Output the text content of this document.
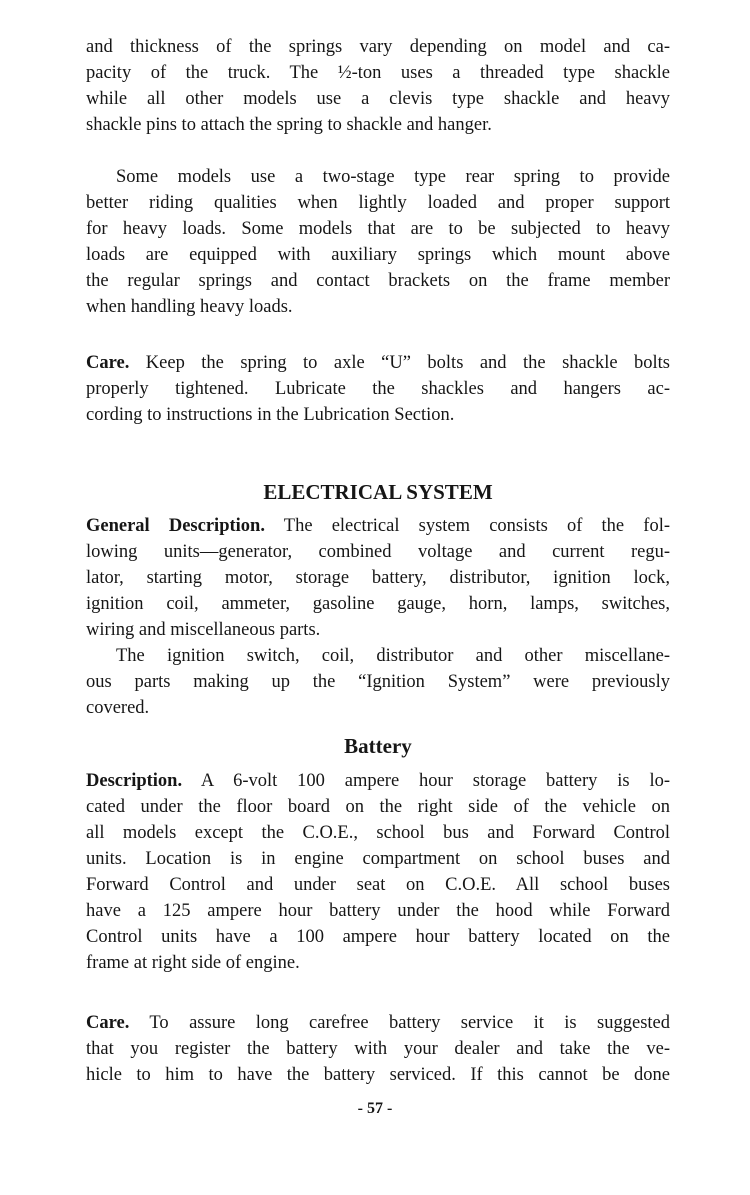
and thickness of the springs vary depending on model and ca-
pacity of the truck. The ½-ton uses a threaded type shackle
while all other models use a clevis type shackle and heavy
shackle pins to attach the spring to shackle and hanger.
Some models use a two-stage type rear spring to provide
better riding qualities when lightly loaded and proper support
for heavy loads. Some models that are to be subjected to heavy
loads are equipped with auxiliary springs which mount above
the regular springs and contact brackets on the frame member
when handling heavy loads.
Care. Keep the spring to axle “U” bolts and the shackle bolts
properly tightened. Lubricate the shackles and hangers ac-
cording to instructions in the Lubrication Section.
ELECTRICAL SYSTEM
General Description. The electrical system consists of the fol-
lowing units—generator, combined voltage and current regu-
lator, starting motor, storage battery, distributor, ignition lock,
ignition coil, ammeter, gasoline gauge, horn, lamps, switches,
wiring and miscellaneous parts.
The ignition switch, coil, distributor and other miscellane-
ous parts making up the “Ignition System” were previously
covered.
Battery
Description. A 6-volt 100 ampere hour storage battery is lo-
cated under the floor board on the right side of the vehicle on
all models except the C.O.E., school bus and Forward Control
units. Location is in engine compartment on school buses and
Forward Control and under seat on C.O.E. All school buses
have a 125 ampere hour battery under the hood while Forward
Control units have a 100 ampere hour battery located on the
frame at right side of engine.
Care. To assure long carefree battery service it is suggested
that you register the battery with your dealer and take the ve-
hicle to him to have the battery serviced. If this cannot be done
- 57 -
